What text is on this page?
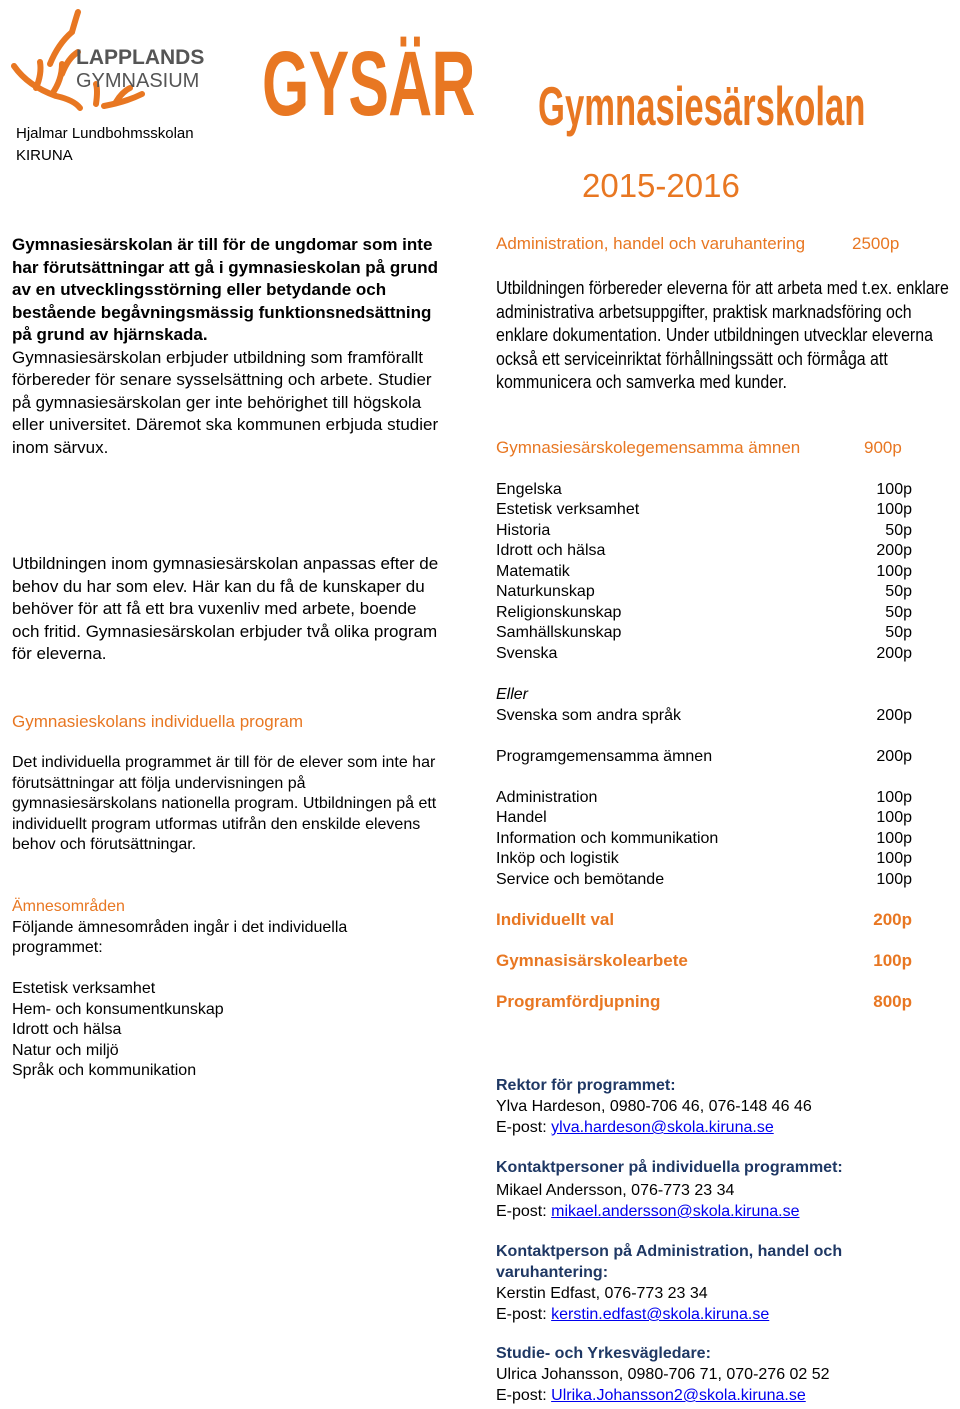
LAPPLANDS
GYMNASIUM
Hjalmar Lundbohmsskolan
KIRUNA
GYSÄR Gymnasiesärskolan
2015-2016

Gymnasiesärskolan är till för de ungdomar som inte har förutsättningar att gå i gymnasieskolan på grund av en utvecklingsstörning eller betydande och bestående begåvningsmässig funktionsnedsättning på grund av hjärnskada.

Gymnasiesärskolan erbjuder utbildning som framförallt förbereder för senare sysselsättning och arbete. Studier på gymnasiesärskolan ger inte behörighet till högskola eller universitet. Däremot ska kommunen erbjuda studier inom särvux.

Utbildningen inom gymnasiesärskolan anpassas efter de behov du har som elev. Här kan du få de kunskaper du behöver för att få ett bra vuxenliv med arbete, boende och fritid. Gymnasiesärskolan erbjuder två olika program för eleverna.

Gymnasieskolans individuella program

Det individuella programmet är till för de elever som inte har förutsättningar att följa undervisningen på gymnasiesärskolans nationella program. Utbildningen på ett individuellt program utformas utifrån den enskilde elevens behov och förutsättningar.

Ämnesområden

Följande ämnesområden ingår i det individuella programmet:

Estetisk verksamhet

Hem- och konsumentkunskap

Idrott och hälsa

Natur och miljö

Språk och kommunikation

Administration, handel och varuhantering	2500p

Utbildningen förbereder eleverna för att arbeta med t.ex. enklare administrativa arbetsuppgifter, praktisk marknadsföring och enklare dokumentation. Under utbildningen utvecklar eleverna också ett serviceinriktat förhållningssätt och förmåga att kommunicera och samverka med kunder.

Gymnasiesärskolegemensamma ämnen	900p
Engelska	100p
Estetisk verksamhet	100p
Historia	50p
Idrott och hälsa	200p
Matematik	100p
Naturkunskap	50p
Religionskunskap	50p
Samhällskunskap	50p
Svenska	200p
Eller
Svenska som andra språk	200p
Programgemensamma ämnen	200p
Administration	100p
Handel	100p
Information och kommunikation	100p
Inköp och logistik	100p
Service och bemötande	100p
Individuellt val	200p
Gymnasisärskolearbete	100p
Programfördjupning	800p

Rektor för programmet:

Ylva Hardeson, 0980-706 46, 076-148 46 46

E-post: ylva.hardeson@skola.kiruna.se

Kontaktpersoner på individuella programmet:

Mikael Andersson, 076-773 23 34

E-post: mikael.andersson@skola.kiruna.se

Kontaktperson på Administration, handel och varuhantering:

Kerstin Edfast, 076-773 23 34

E-post: kerstin.edfast@skola.kiruna.se

Studie- och Yrkesvägledare:

Ulrica Johansson, 0980-706 71, 070-276 02 52

E-post: Ulrika.Johansson2@skola.kiruna.se
